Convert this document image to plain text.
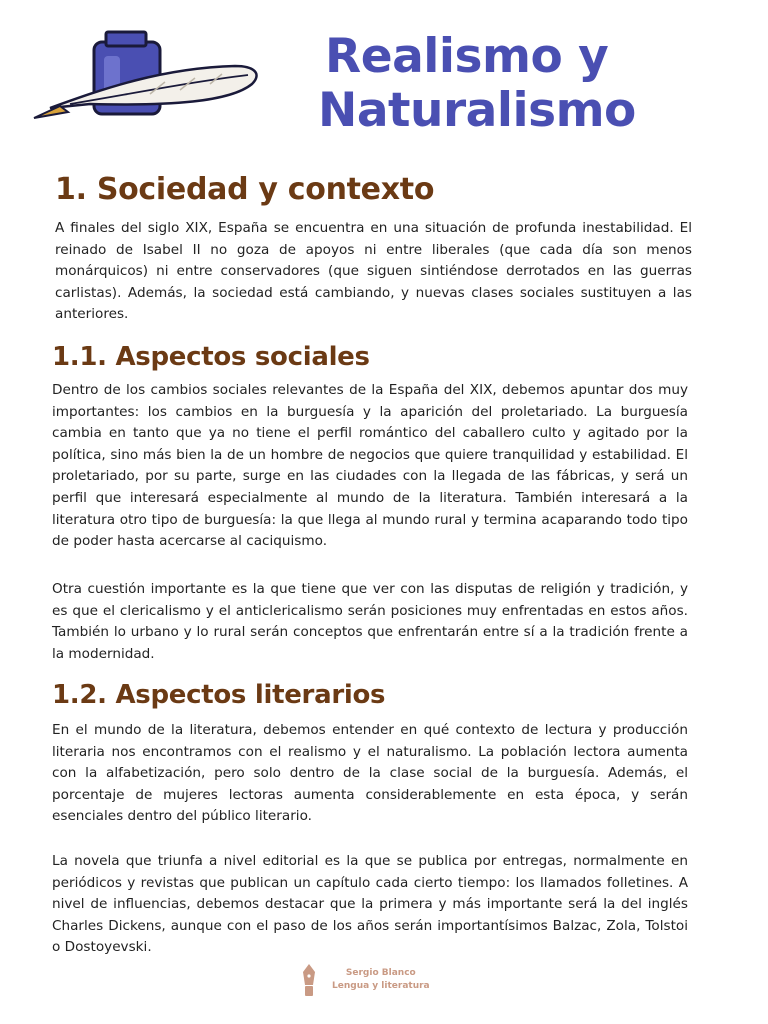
Realismo y
Naturalismo
1. Sociedad y contexto

A finales del siglo XIX, España se encuentra en una situación de profunda inestabilidad. El reinado de Isabel II no goza de apoyos ni entre liberales (que cada día son menos monárquicos) ni entre conservadores (que siguen sintiéndose derrotados en las guerras carlistas). Además, la sociedad está cambiando, y nuevas clases sociales sustituyen a las anteriores.

1.1. Aspectos sociales

Dentro de los cambios sociales relevantes de la España del XIX, debemos apuntar dos muy importantes: los cambios en la burguesía y la aparición del proletariado. La burguesía cambia en tanto que ya no tiene el perfil romántico del caballero culto y agitado por la política, sino más bien la de un hombre de negocios que quiere tranquilidad y estabilidad. El proletariado, por su parte, surge en las ciudades con la llegada de las fábricas, y será un perfil que interesará especialmente al mundo de la literatura. También interesará a la literatura otro tipo de burguesía: la que llega al mundo rural y termina acaparando todo tipo de poder hasta acercarse al caciquismo.

Otra cuestión importante es la que tiene que ver con las disputas de religión y tradición, y es que el clericalismo y el anticlericalismo serán posiciones muy enfrentadas en estos años. También lo urbano y lo rural serán conceptos que enfrentarán entre sí a la tradición frente a la modernidad.

1.2. Aspectos literarios

En el mundo de la literatura, debemos entender en qué contexto de lectura y producción literaria nos encontramos con el realismo y el naturalismo. La población lectora aumenta con la alfabetización, pero solo dentro de la clase social de la burguesía. Además, el porcentaje de mujeres lectoras aumenta considerablemente en esta época, y serán esenciales dentro del público literario.

La novela que triunfa a nivel editorial es la que se publica por entregas, normalmente en periódicos y revistas que publican un capítulo cada cierto tiempo: los llamados folletines. A nivel de influencias, debemos destacar que la primera y más importante será la del inglés Charles Dickens, aunque con el paso de los años serán importantísimos Balzac, Zola, Tolstoi o Dostoyevski.

Sergio Blanco
Lengua y literatura
